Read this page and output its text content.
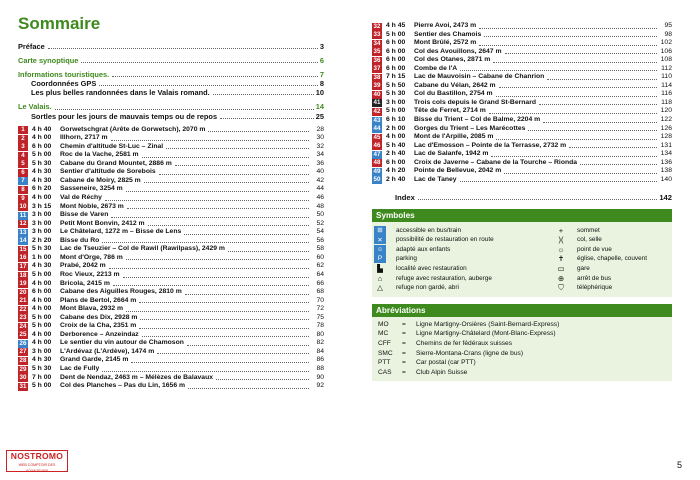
Sommaire
Préface	3
Carte synoptique	6
Informations touristiques.	7
Coordonnées GPS	8
Les plus belles randonnées dans le Valais romand.	10
Le Valais.	14
Sortles pour les jours de mauvais temps ou de repos	25
1	4 h 40	Gorwetschgrat (Arête de Gorwetsch), 2070 m	28
2	4 h 00	Illhorn, 2717 m	30
3	6 h 00	Chemin d'altitude St-Luc – Zinal	32
4	5 h 00	Roc de la Vache, 2581 m	34
5	5 h 30	Cabane du Grand Mountet, 2886 m	36
6	4 h 30	Sentier d'altitude de Sorebois	40
7	4 h 30	Cabane de Moiry, 2825 m	42
8	6 h 20	Sasseneire, 3254 m	44
9	4 h 00	Val de Réchy	46
10 3 h 15	Mont Noble, 2673 m	48
11 3 h 00	Bisse de Varen	50
12 3 h 00	Petit Mont Bonvin, 2412 m	52
13 3 h 00	Le Châtelard, 1272 m – Bisse de Lens	54
14 2 h 20	Bisse du Ro	56
15 5 h 30	Lac de Tseuzier – Col de Rawil (Rawilpass), 2429 m	58
16 1 h 00	Mont d'Orge, 786 m	60
17 4 h 30	Prabé, 2042 m	62
18 5 h 00	Roc Vieux, 2213 m	64
19 4 h 00	Bricola, 2415 m	66
20 6 h 00	Cabane des Aiguilles Rouges, 2810 m	68
21 4 h 00	Plans de Bertol, 2664 m	70
22 4 h 00	Mont Blava, 2932 m	72
23 5 h 00	Cabane des Dix, 2928 m	75
24 5 h 00	Croix de la Cha, 2351 m	78
25 4 h 00	Derborence – Anzeindaz	80
26 4 h 00	Le sentier du vin autour de Chamoson	82
27 3 h 00	L'Ardévaz (L'Ardève), 1474 m	84
28 4 h 30	Grand Garde, 2145 m	86
29 5 h 30	Lac de Fully	88
30 7 h 00	Dent de Nendaz, 2463 m – Mélèzes de Balavaux	90
31 5 h 00	Col des Planches – Pas du Lin, 1656 m	92
32 4 h 45	Pierre Avoi, 2473 m	95
33 5 h 00	Sentier des Chamois	98
34 6 h 00	Mont Brûlé, 2572 m	102
35 6 h 00	Col des Avouillons, 2647 m	106
36 6 h 00	Col des Otanes, 2871 m	108
37 6 h 00	Combe de l'A	112
38 7 h 15	Lac de Mauvoisin – Cabane de Chanrion	110
39 5 h 50	Cabane du Vélan, 2642 m	114
40 5 h 30	Col du Bastillon, 2754 m	116
41 3 h 00	Trois cols depuis le Grand St-Bernard	118
42 5 h 00	Tête de Ferret, 2714 m	120
43 6 h 10	Bisse du Trient – Col de Balme, 2204 m	122
44 2 h 00	Gorges du Trient – Les Marécottes	126
45 4 h 00	Mont de l'Arpille, 2085 m	128
46 5 h 40	Lac d'Emosson – Pointe de la Terrasse, 2732 m	131
47 2 h 40	Lac de Salanfe, 1942 m	134
48 6 h 00	Croix de Javerne – Cabane de la Tourche – Rionda	136
49 4 h 20	Pointe de Bellevue, 2042 m	138
50 2 h 40	Lac de Taney	140
Index	142
Symboles
⊞	accessible en bus/train
✕	possibilité de restauration en route
☺	adapté aux enfants
P	parking
▙	localité avec restauration
⌂	refuge avec restauration, auberge
△	refuge non gardé, abri
+	sommet
)(	col, selle
☼	point de vue
✝	église, chapelle, couvent
▭	gare
⊕	arrêt de bus
⛉	téléphérique
Abréviations
MO	=	Ligne Martigny-Orsières (Saint-Bernard-Express)
MC	=	Ligne Martigny-Châtelard (Mont-Blanc-Express)
CFF	=	Chemins de fer fédéraux suisses
SMC	=	Sierre-Montana-Crans (ligne de bus)
PTT	=	Car postal (car PTT)
CAS	=	Club Alpin Suisse
NOSTROMO
WEB COMPTOIR DES VOYAGEURS
5
